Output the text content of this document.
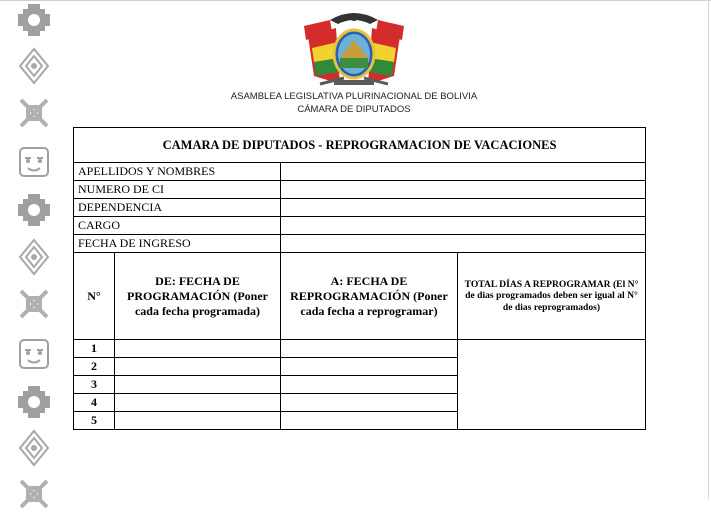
ASAMBLEA LEGISLATIVA PLURINACIONAL DE BOLIVIA
CÁMARA DE DIPUTADOS
CAMARA DE DIPUTADOS - REPROGRAMACION DE VACACIONES			
APELLIDOS Y NOMBRES			
NUMERO DE CI			
DEPENDENCIA			
CARGO			
FECHA DE INGRESO			
N°	DE: FECHA DE PROGRAMACIÓN (Poner cada fecha programada)	A: FECHA DE REPROGRAMACIÓN (Poner cada fecha a reprogramar)	TOTAL DÍAS A REPROGRAMAR (El N° de dias programados deben ser igual al N° de dias reprogramados)
1			
2			
3			
4			
5			
